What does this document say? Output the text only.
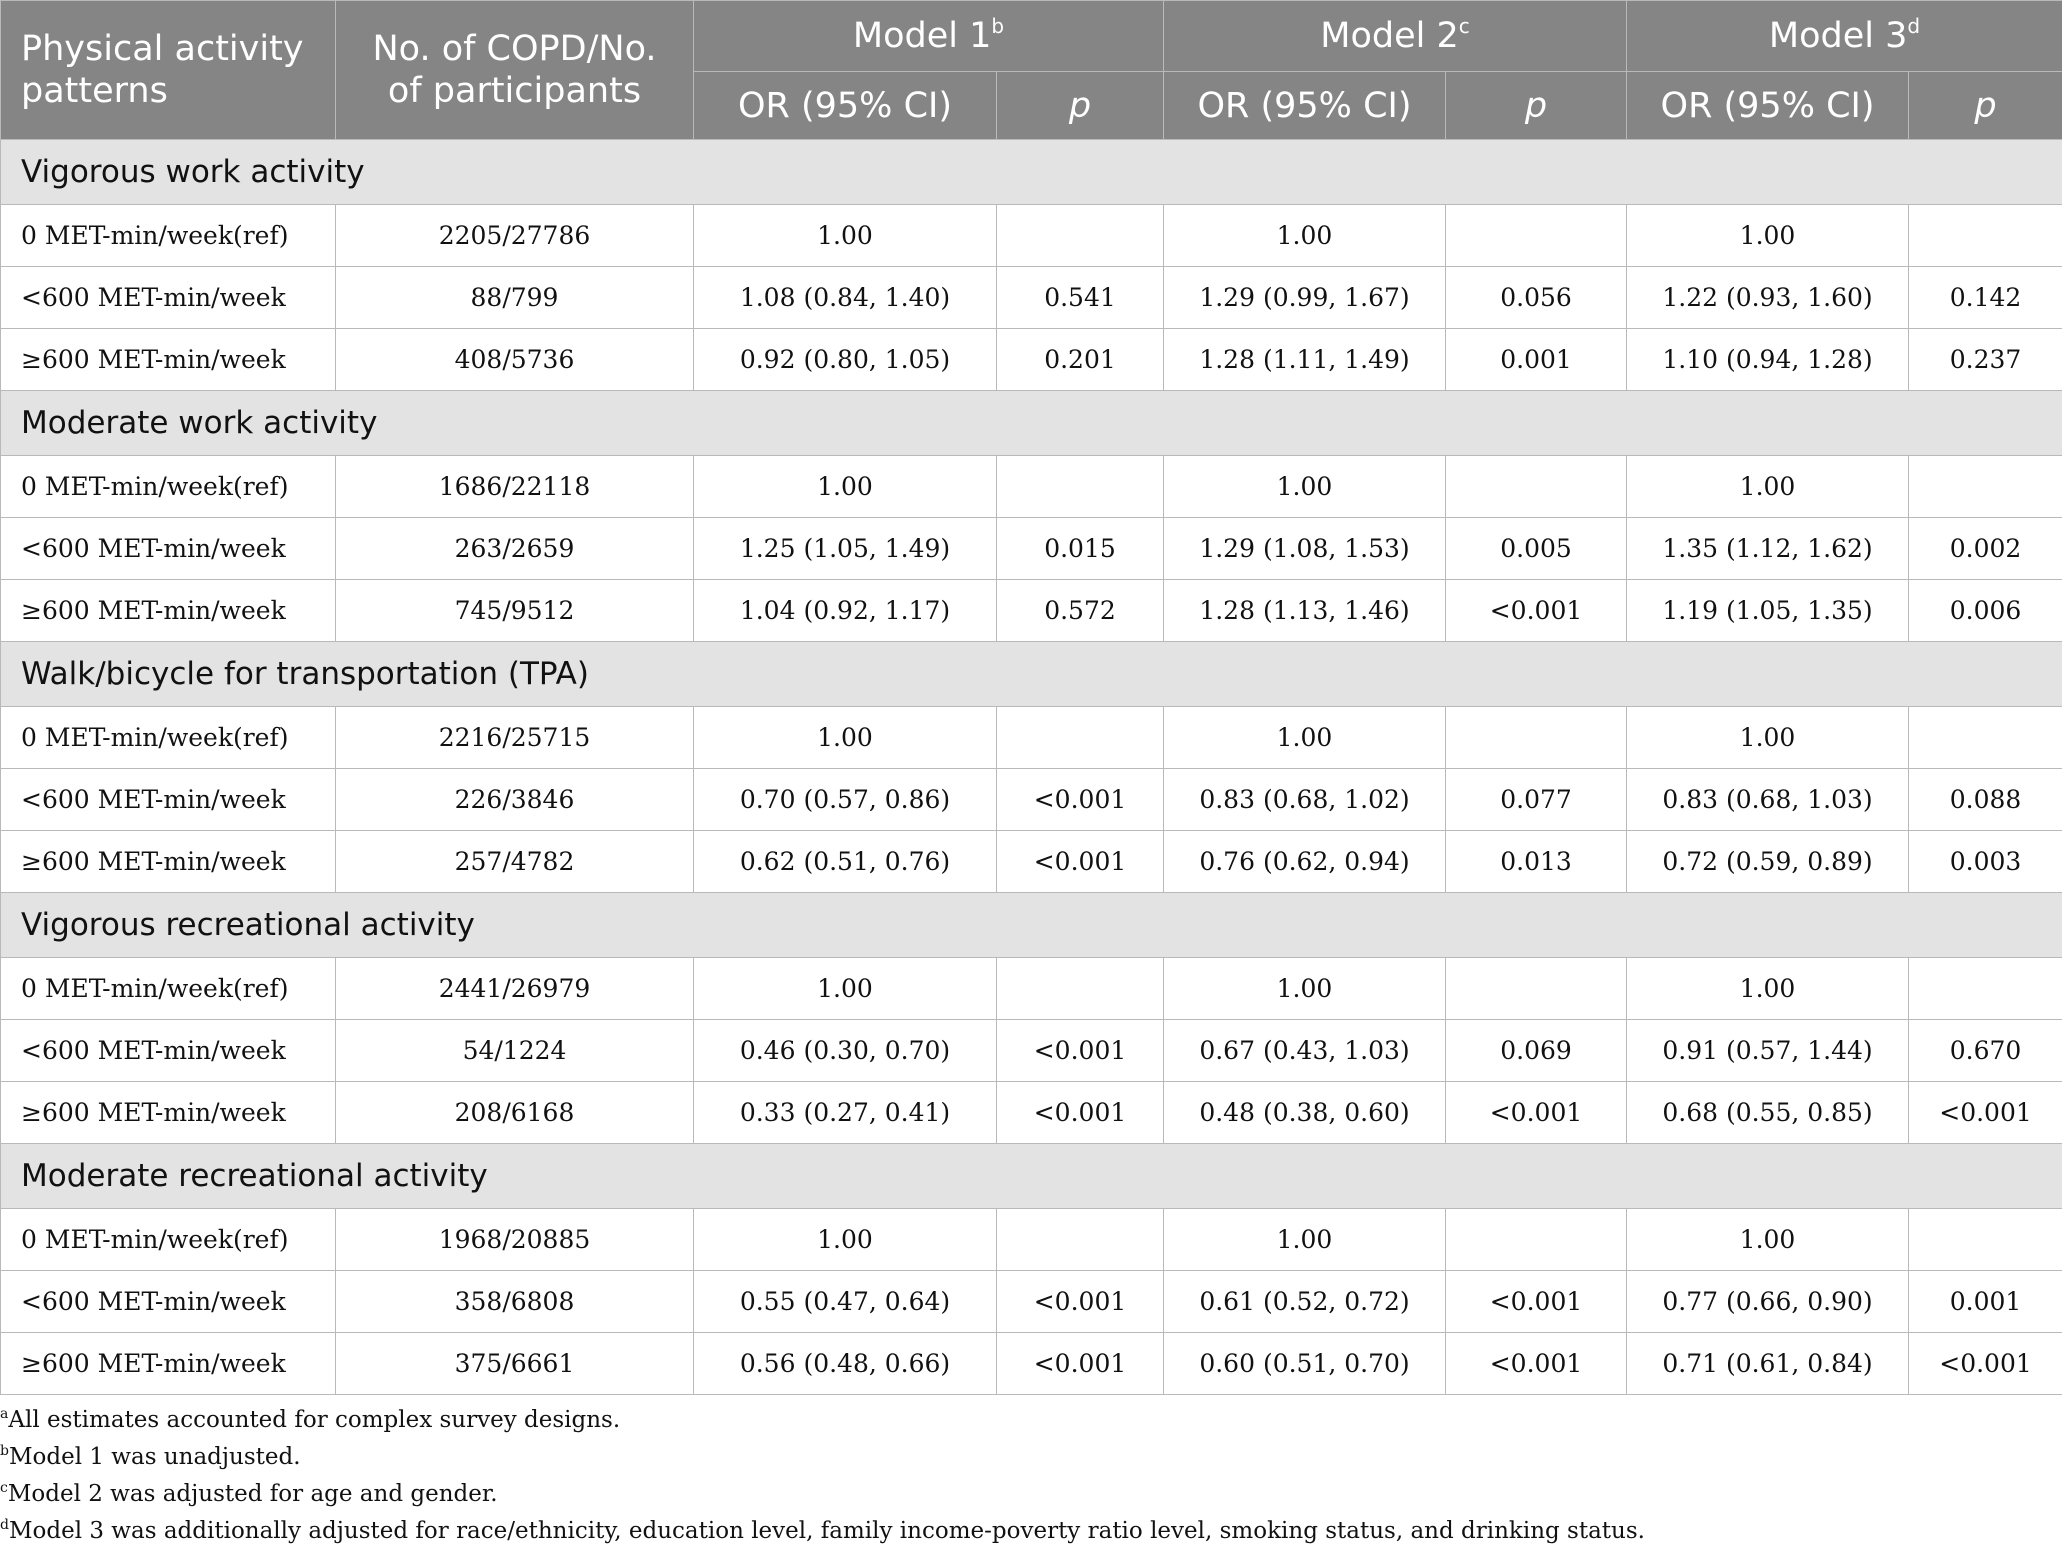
Physical activity patterns	No. of COPD/No. of participants	Model 1$^b$		Model 2$^c$		Model 3$^d$
		OR (95% CI)	p	OR (95% CI)	p	OR (95% CI)	p
Vigorous work activity							
0 MET-min/week(ref)	2205/27786	1.00		1.00		1.00	
<600 MET-min/week	88/799	1.08 (0.84, 1.40)	0.541	1.29 (0.99, 1.67)	0.056	1.22 (0.93, 1.60)	0.142
≥600 MET-min/week	408/5736	0.92 (0.80, 1.05)	0.201	1.28 (1.11, 1.49)	0.001	1.10 (0.94, 1.28)	0.237
Moderate work activity							
0 MET-min/week(ref)	1686/22118	1.00		1.00		1.00	
<600 MET-min/week	263/2659	1.25 (1.05, 1.49)	0.015	1.29 (1.08, 1.53)	0.005	1.35 (1.12, 1.62)	0.002
≥600 MET-min/week	745/9512	1.04 (0.92, 1.17)	0.572	1.28 (1.13, 1.46)	<0.001	1.19 (1.05, 1.35)	0.006
Walk/bicycle for transportation (TPA)							
0 MET-min/week(ref)	2216/25715	1.00		1.00		1.00	
<600 MET-min/week	226/3846	0.70 (0.57, 0.86)	<0.001	0.83 (0.68, 1.02)	0.077	0.83 (0.68, 1.03)	0.088
≥600 MET-min/week	257/4782	0.62 (0.51, 0.76)	<0.001	0.76 (0.62, 0.94)	0.013	0.72 (0.59, 0.89)	0.003
Vigorous recreational activity							
0 MET-min/week(ref)	2441/26979	1.00		1.00		1.00	
<600 MET-min/week	54/1224	0.46 (0.30, 0.70)	<0.001	0.67 (0.43, 1.03)	0.069	0.91 (0.57, 1.44)	0.670
≥600 MET-min/week	208/6168	0.33 (0.27, 0.41)	<0.001	0.48 (0.38, 0.60)	<0.001	0.68 (0.55, 0.85)	<0.001
Moderate recreational activity							
0 MET-min/week(ref)	1968/20885	1.00		1.00		1.00	
<600 MET-min/week	358/6808	0.55 (0.47, 0.64)	<0.001	0.61 (0.52, 0.72)	<0.001	0.77 (0.66, 0.90)	0.001
≥600 MET-min/week	375/6661	0.56 (0.48, 0.66)	<0.001	0.60 (0.51, 0.70)	<0.001	0.71 (0.61, 0.84)	<0.001
$^a$All estimates accounted for complex survey designs.
$^b$Model 1 was unadjusted.
$^c$Model 2 was adjusted for age and gender.
$^d$Model 3 was additionally adjusted for race/ethnicity, education level, family income-poverty ratio level, smoking status, and drinking status.
